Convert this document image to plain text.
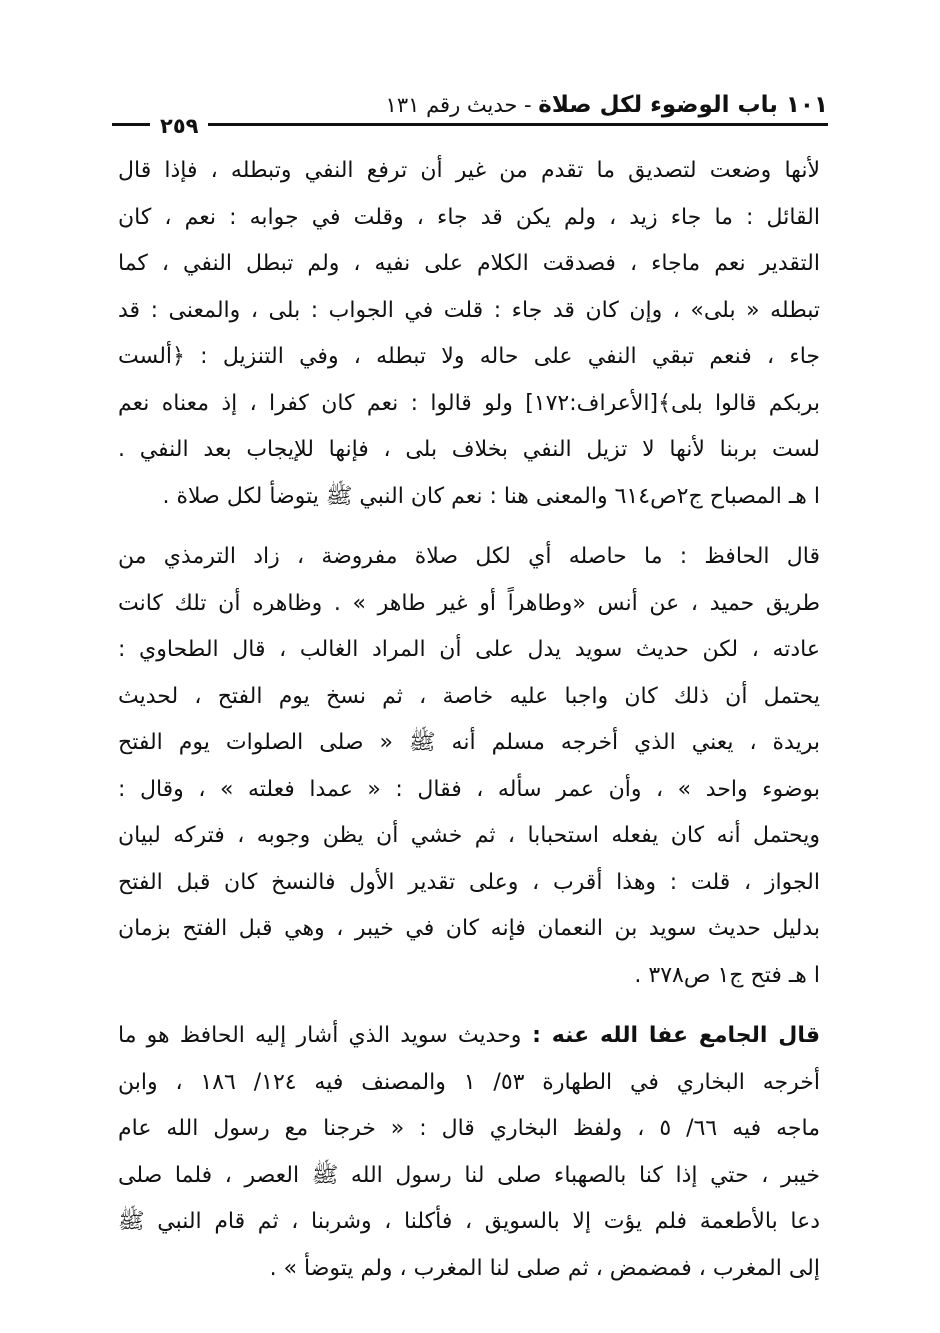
١٠١ باب الوضوء لكل صلاة - حديث رقم ١٣١
٢٥٩
لأنها وضعت لتصديق ما تقدم من غير أن ترفع النفي وتبطله ، فإذا قال
القائل : ما جاء زيد ، ولم يكن قد جاء ، وقلت في جوابه : نعم ، كان
التقدير نعم ماجاء ، فصدقت الكلام على نفيه ، ولم تبطل النفي ، كما
تبطله « بلى» ، وإن كان قد جاء : قلت في الجواب : بلى ، والمعنى : قد
جاء ، فنعم تبقي النفي على حاله ولا تبطله ، وفي التنزيل : ﴿ألست
بربكم قالوا بلى﴾[الأعراف:١٧٢] ولو قالوا : نعم كان كفرا ، إذ معناه نعم
لست بربنا لأنها لا تزيل النفي بخلاف بلى ، فإنها للإيجاب بعد النفي .
ا هـ المصباح ج٢ص٦١٤ والمعنى هنا : نعم كان النبي ﷺ يتوضأ لكل صلاة .
قال الحافظ : ما حاصله أي لكل صلاة مفروضة ، زاد الترمذي من
طريق حميد ، عن أنس «وطاهراً أو غير طاهر » . وظاهره أن تلك كانت
عادته ، لكن حديث سويد يدل على أن المراد الغالب ، قال الطحاوي :
يحتمل أن ذلك كان واجبا عليه خاصة ، ثم نسخ يوم الفتح ، لحديث
بريدة ، يعني الذي أخرجه مسلم أنه ﷺ « صلى الصلوات يوم الفتح
بوضوء واحد » ، وأن عمر سأله ، فقال : « عمدا فعلته » ، وقال :
ويحتمل أنه كان يفعله استحبابا ، ثم خشي أن يظن وجوبه ، فتركه لبيان
الجواز ، قلت : وهذا أقرب ، وعلى تقدير الأول فالنسخ كان قبل الفتح
بدليل حديث سويد بن النعمان فإنه كان في خيبر ، وهي قبل الفتح بزمان
ا هـ فتح ج١ ص٣٧٨ .
قال الجامع عفا الله عنه : وحديث سويد الذي أشار إليه الحافظ هو ما
أخرجه البخاري في الطهارة ٥٣/ ١ والمصنف فيه ١٢٤/ ١٨٦ ، وابن
ماجه فيه ٦٦/ ٥ ، ولفظ البخاري قال : « خرجنا مع رسول الله عام
خيبر ، حتي إذا كنا بالصهباء صلى لنا رسول الله ﷺ العصر ، فلما صلى
دعا بالأطعمة فلم يؤت إلا بالسويق ، فأكلنا ، وشربنا ، ثم قام النبي ﷺ
إلى المغرب ، فمضمض ، ثم صلى لنا المغرب ، ولم يتوضأ » .
